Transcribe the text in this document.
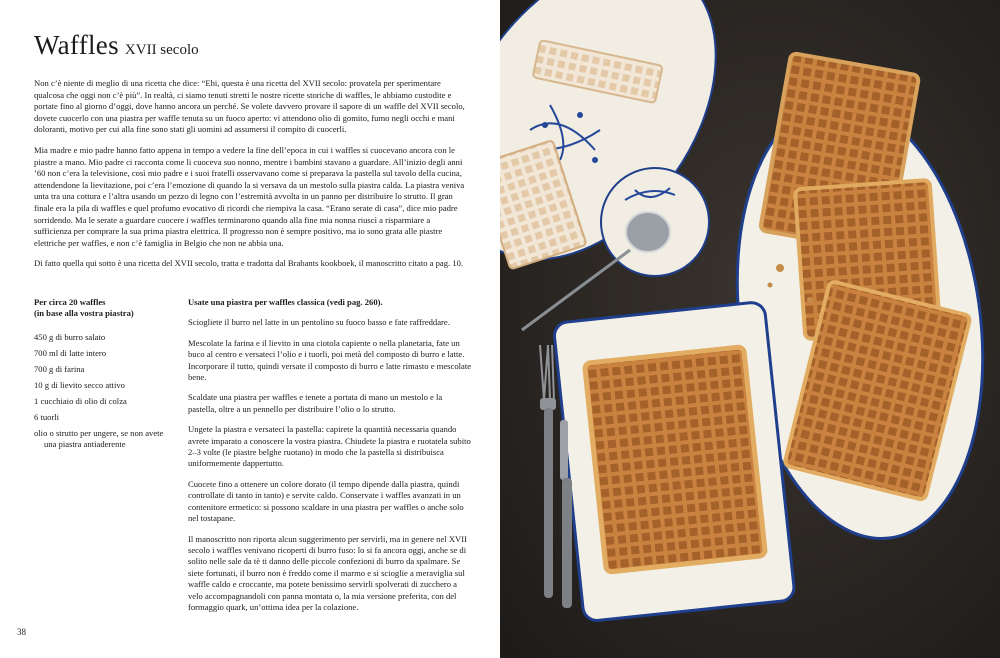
Waffles XVII secolo

Non c’è niente di meglio di una ricetta che dice: “Ehi, questa è una ricetta del XVII secolo: provatela per sperimentare qualcosa che oggi non c’è più”. In realtà, ci siamo tenuti stretti le nostre ricette storiche di waffles, le abbiamo custodite e portate fino al giorno d’oggi, dove hanno ancora un perché. Se volete davvero provare il sapore di un waffle del XVII secolo, dovete cuocerlo con una piastra per waffle tenuta su un fuoco aperto: vi attendono olio di gomito, fumo negli occhi e mani doloranti, motivo per cui alla fine sono stati gli uomini ad assumersi il compito di cuocerli.

Mia madre e mio padre hanno fatto appena in tempo a vedere la fine dell’epoca in cui i waffles si cuocevano ancora con le piastre a mano. Mio padre ci racconta come li cuoceva suo nonno, mentre i bambini stavano a guardare. All’inizio degli anni ’60 non c’era la televisione, così mio padre e i suoi fratelli osservavano come si preparava la pastella sul tavolo della cucina, attendendone la lievitazione, poi c’era l’emozione di quando la si versava da un mestolo sulla piastra calda. La piastra veniva unta tra una cottura e l’altra usando un pezzo di legno con l’estremità avvolta in un panno per distribuire lo strutto. Il gran finale era la pila di waffles e quel profumo evocativo di ricordi che riempiva la casa. “Erano serate di casa”, dice mio padre sorridendo. Ma le serate a guardare cuocere i waffles terminarono quando alla fine mia nonna riuscì a risparmiare a sufficienza per comprare la sua prima piastra elettrica. Il progresso non è sempre positivo, ma io sono grata alle piastre elettriche per waffles, e non c’è famiglia in Belgio che non ne abbia una.

Di fatto quella qui sotto è una ricetta del XVII secolo, tratta e tradotta dal Brabants kookboek, il manoscritto citato a pag. 10.

Per circa 20 waffles
(in base alla vostra piastra)
450 g di burro salato
700 ml di latte intero
700 g di farina
10 g di lievito secco attivo
1 cucchiaio di olio di colza
6 tuorli
olio o strutto per ungere, se non avete una piastra antiaderente
Usate una piastra per waffles classica (vedi pag. 260).

Sciogliete il burro nel latte in un pentolino su fuoco basso e fate raffreddare.

Mescolate la farina e il lievito in una ciotola capiente o nella planetaria, fate un buco al centro e versateci l’olio e i tuorli, poi metà del composto di burro e latte. Incorporare il tutto, quindi versate il composto di burro e latte rimasto e mescolate bene.

Scaldate una piastra per waffles e tenete a portata di mano un mestolo e la pastella, oltre a un pennello per distribuire l’olio o lo strutto.

Ungete la piastra e versateci la pastella: capirete la quantità necessaria quando avrete imparato a conoscere la vostra piastra. Chiudete la piastra e ruotatela subito 2–3 volte (le piastre belghe ruotano) in modo che la pastella si distribuisca uniformemente dappertutto.

Cuocete fino a ottenere un colore dorato (il tempo dipende dalla piastra, quindi controllate di tanto in tanto) e servite caldo. Conservate i waffles avanzati in un contenitore ermetico: si possono scaldare in una piastra per waffles o anche solo nel tostapane.

Il manoscritto non riporta alcun suggerimento per servirli, ma in genere nel XVII secolo i waffles venivano ricoperti di burro fuso: lo si fa ancora oggi, anche se di solito nelle sale da tè ti danno delle piccole confezioni di burro da spalmare. Se siete fortunati, il burro non è freddo come il marmo e si scioglie a meraviglia sul waffle caldo e croccante, ma potete benissimo servirli spolverati di zucchero a velo accompagnandoli con panna montata o, la mia versione preferita, con del formaggio quark, un’ottima idea per la colazione.

38
